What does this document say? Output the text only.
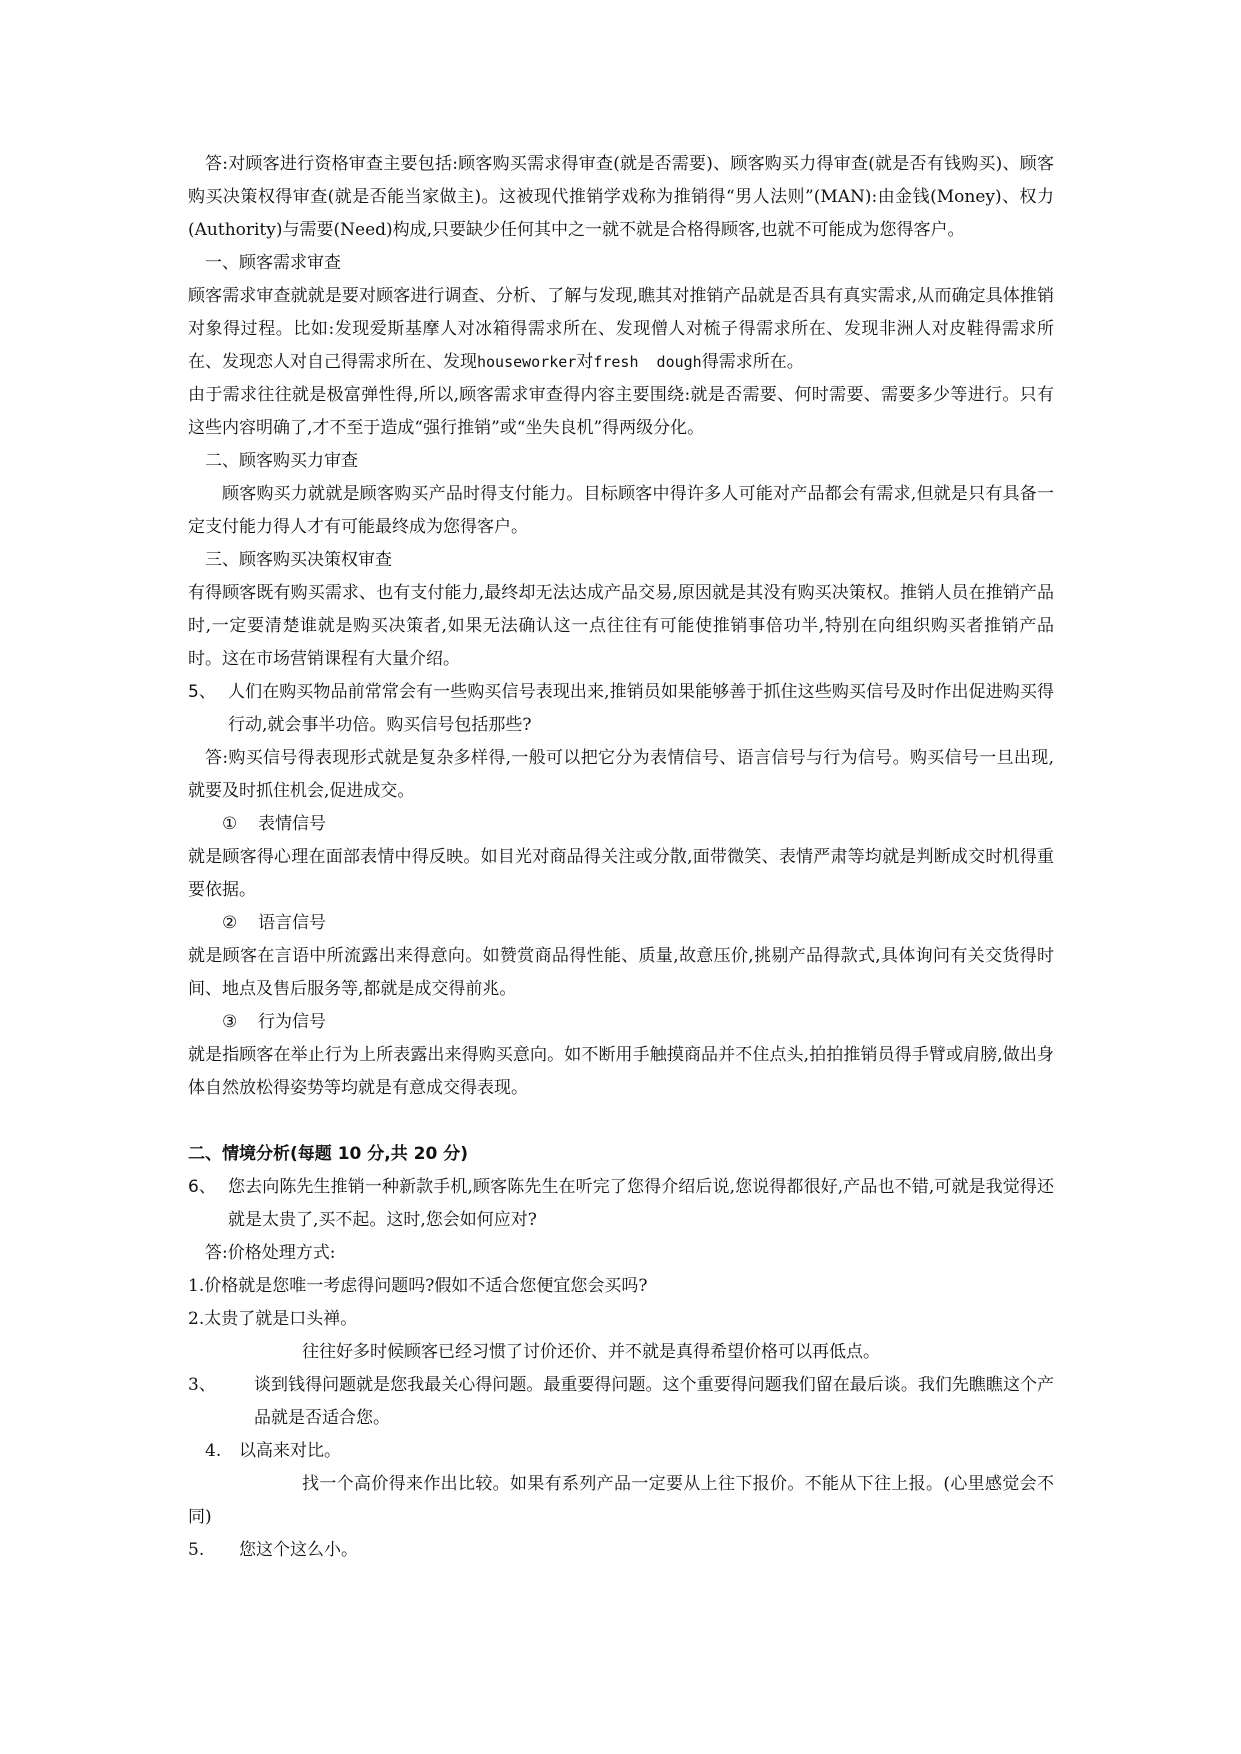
答:对顾客进行资格审查主要包括:顾客购买需求得审查(就是否需要)、顾客购买力得审查(就是否有钱购买)、顾客购买决策权得审查(就是否能当家做主)。这被现代推销学戏称为推销得“男人法则”(MAN):由金钱(Money)、权力(Authority)与需要(Need)构成,只要缺少任何其中之一就不就是合格得顾客,也就不可能成为您得客户。

一、顾客需求审查

顾客需求审查就就是要对顾客进行调查、分析、了解与发现,瞧其对推销产品就是否具有真实需求,从而确定具体推销对象得过程。比如:发现爱斯基摩人对冰箱得需求所在、发现僧人对梳子得需求所在、发现非洲人对皮鞋得需求所在、发现恋人对自己得需求所在、发现houseworker对fresh  dough得需求所在。

由于需求往往就是极富弹性得,所以,顾客需求审查得内容主要围绕:就是否需要、何时需要、需要多少等进行。只有这些内容明确了,才不至于造成“强行推销”或“坐失良机”得两级分化。

二、顾客购买力审查

顾客购买力就就是顾客购买产品时得支付能力。目标顾客中得许多人可能对产品都会有需求,但就是只有具备一定支付能力得人才有可能最终成为您得客户。

三、顾客购买决策权审查

有得顾客既有购买需求、也有支付能力,最终却无法达成产品交易,原因就是其没有购买决策权。推销人员在推销产品时,一定要清楚谁就是购买决策者,如果无法确认这一点往往有可能使推销事倍功半,特别在向组织购买者推销产品时。这在市场营销课程有大量介绍。

5、 人们在购买物品前常常会有一些购买信号表现出来,推销员如果能够善于抓住这些购买信号及时作出促进购买得行动,就会事半功倍。购买信号包括那些?

答:购买信号得表现形式就是复杂多样得,一般可以把它分为表情信号、语言信号与行为信号。购买信号一旦出现,就要及时抓住机会,促进成交。

① 表情信号

就是顾客得心理在面部表情中得反映。如目光对商品得关注或分散,面带微笑、表情严肃等均就是判断成交时机得重要依据。

② 语言信号

就是顾客在言语中所流露出来得意向。如赞赏商品得性能、质量,故意压价,挑剔产品得款式,具体询问有关交货得时间、地点及售后服务等,都就是成交得前兆。

③ 行为信号

就是指顾客在举止行为上所表露出来得购买意向。如不断用手触摸商品并不住点头,拍拍推销员得手臂或肩膀,做出身体自然放松得姿势等均就是有意成交得表现。

二、情境分析(每题 10 分,共 20 分)

6、 您去向陈先生推销一种新款手机,顾客陈先生在听完了您得介绍后说,您说得都很好,产品也不错,可就是我觉得还就是太贵了,买不起。这时,您会如何应对?

答:价格处理方式:

1.价格就是您唯一考虑得问题吗?假如不适合您便宜您会买吗?

2.太贵了就是口头禅。

往往好多时候顾客已经习惯了讨价还价、并不就是真得希望价格可以再低点。

3、	谈到钱得问题就是您我最关心得问题。最重要得问题。这个重要得问题我们留在最后谈。我们先瞧瞧这个产品就是否适合您。

4. 以高来对比。

找一个高价得来作出比较。如果有系列产品一定要从上往下报价。不能从下往上报。(心里感觉会不同)

5. 您这个这么小。
